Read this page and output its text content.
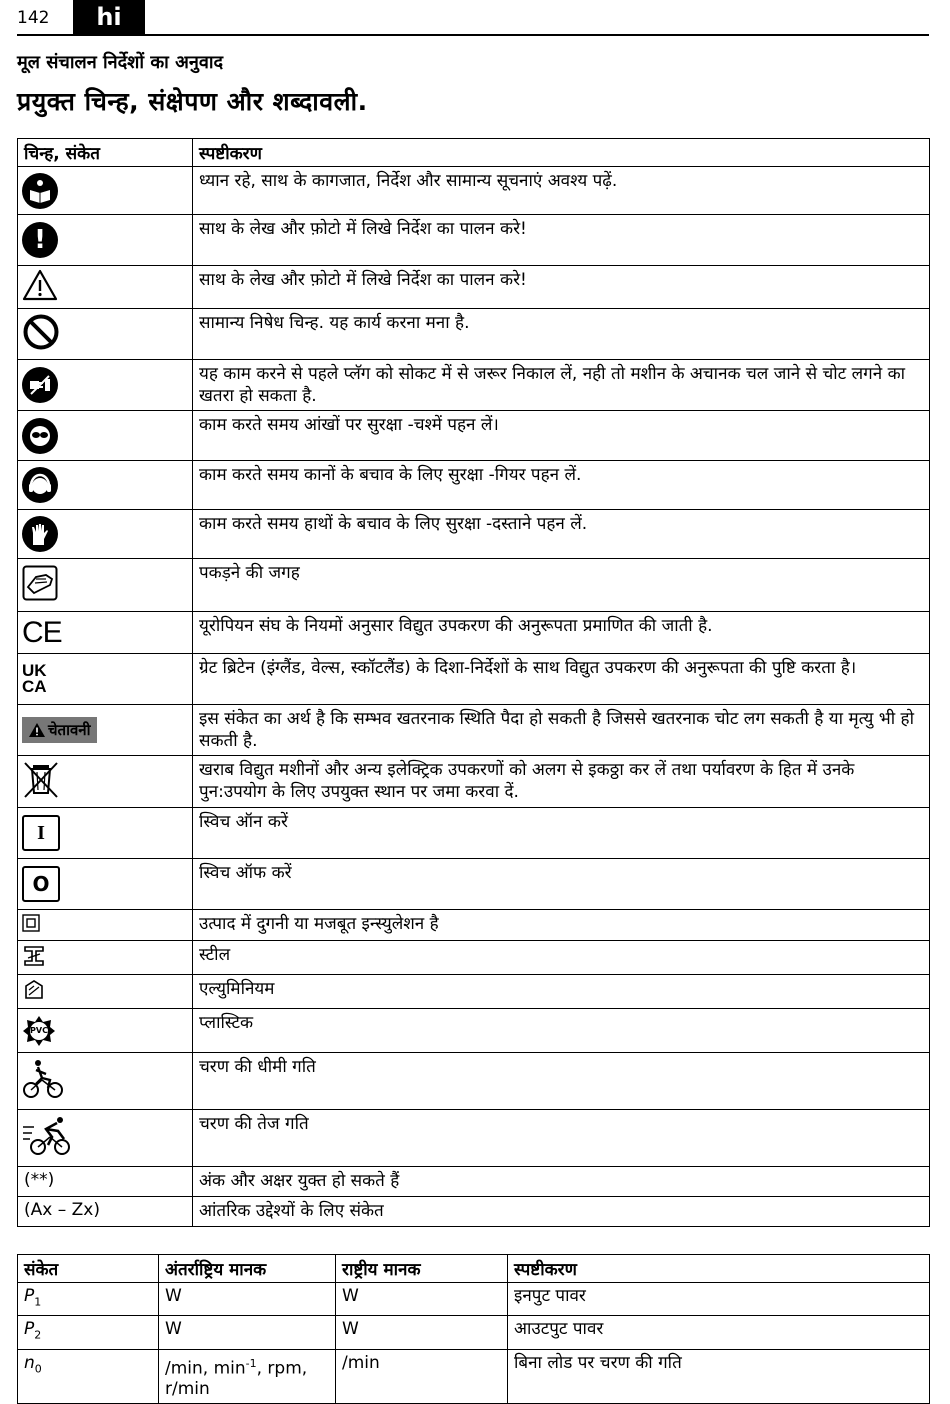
142	hi
मूल संचालन निर्देशों का अनुवाद
प्रयुक्त चिन्ह, संक्षेपण और शब्दावली.
चिन्ह, संकेत	स्पष्टीकरण

	ध्यान रहे, साथ के कागजात, निर्देश और सामान्य सूचनाएं अवश्य पढ़ें.
!	साथ के लेख और फ़ोटो में लिखे निर्देश का पालन करे!
	साथ के लेख और फ़ोटो में लिखे निर्देश का पालन करे!
	सामान्य निषेध चिन्ह. यह कार्य करना मना है.

	यह काम करने से पहले प्लॅग को सोकट में से जरूर निकाल लें, नही तो मशीन के अचानक चल जाने से चोट लगने का खतरा हो सकता है.

	काम करते समय आंखों पर सुरक्षा -चश्में पहन लें।

	काम करते समय कानों के बचाव के लिए सुरक्षा -गियर पहन लें.

	काम करते समय हाथों के बचाव के लिए सुरक्षा -दस्ताने पहन लें.
	पकड़ने की जगह
CE	यूरोपियन संघ के नियमों अनुसार विद्युत उपकरण की अनुरूपता प्रमाणित की जाती है.
UK CA	ग्रेट ब्रिटेन (इंग्लैंड, वेल्स, स्कॉटलैंड) के दिशा-निर्देशों के साथ विद्युत उपकरण की अनुरूपता की पुष्टि करता है।

चेतावनी	इस संकेत का अर्थ है कि सम्भव खतरनाक स्थिति पैदा हो सकती है जिससे खतरनाक चोट लग सकती है या मृत्यु भी हो सकती है.
	खराब विद्युत मशीनों और अन्य इलेक्ट्रिक उपकरणों को अलग से इकठ्ठा कर लें तथा पर्यावरण के हित में उनके पुन:उपयोग के लिए उपयुक्त स्थान पर जमा करवा दें.
I	स्विच ऑन करें
O	स्विच ऑफ करें
	उत्पाद में दुगनी या मजबूत इन्स्युलेशन है
	स्टील
	एल्युमिनियम

PVC	प्लास्टिक
	चरण की धीमी गति
	चरण की तेज गति
(**)	अंक और अक्षर युक्त हो सकते हैं
(Ax – Zx)	आंतरिक उद्देश्यों के लिए संकेत
संकेत	अंतर्राष्ट्रिय मानक	राष्ट्रीय मानक	स्पष्टीकरण
$P_1$	W	W	इनपुट पावर
$P_2$	W	W	आउटपुट पावर
$n_0$	/min, $\min^{-1}$, rpm, r/min	/min	बिना लोड पर चरण की गति
